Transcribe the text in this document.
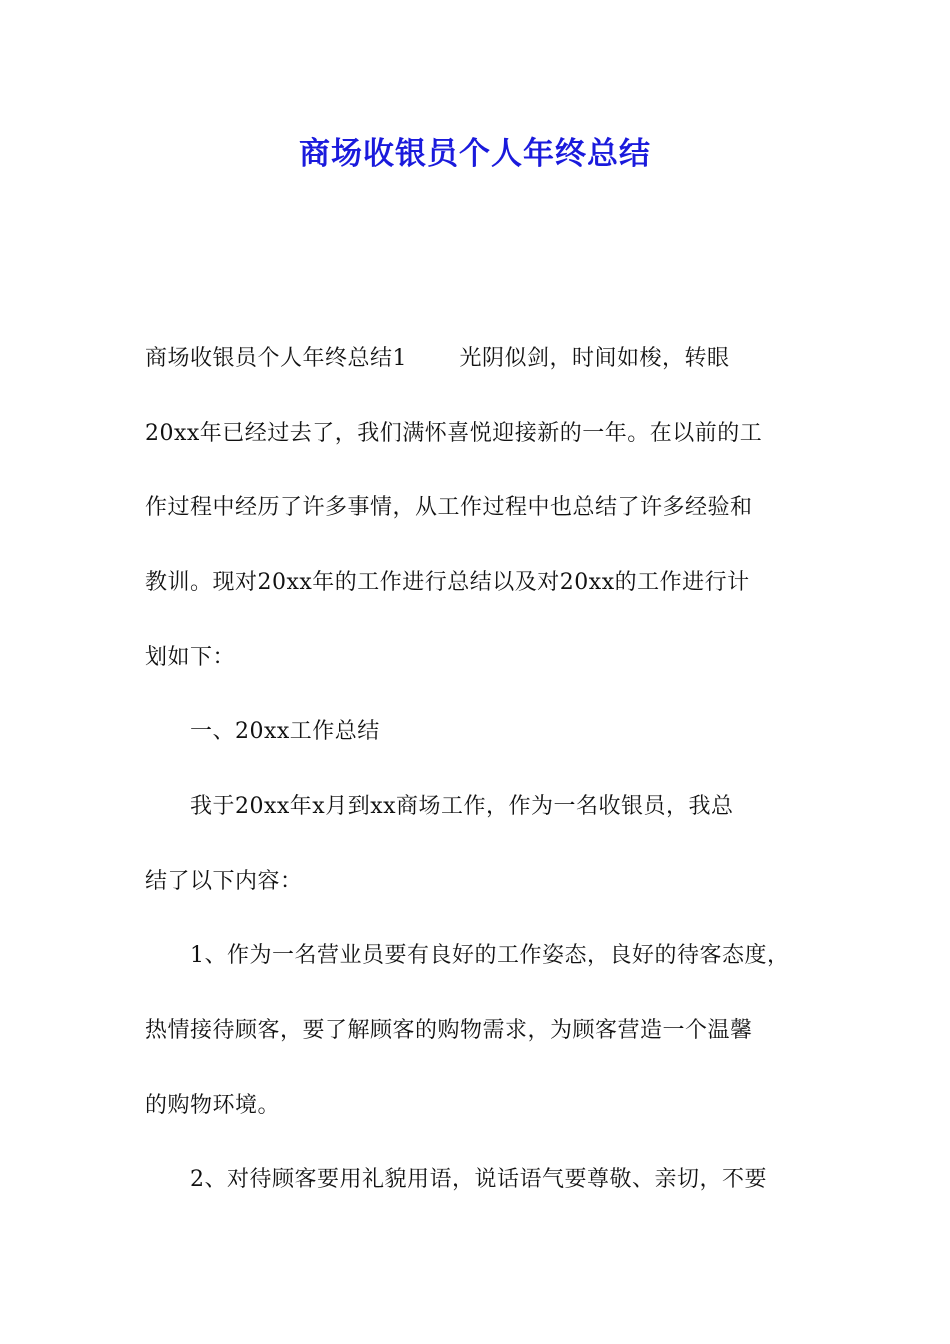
商场收银员个人年终总结
商场收银员个人年终总结1       光阴似剑，时间如梭，转眼
20xx年已经过去了，我们满怀喜悦迎接新的一年。在以前的工
作过程中经历了许多事情，从工作过程中也总结了许多经验和
教训。现对20xx年的工作进行总结以及对20xx的工作进行计
划如下：
一、20xx工作总结
我于20xx年x月到xx商场工作，作为一名收银员，我总
结了以下内容：
1、作为一名营业员要有良好的工作姿态，良好的待客态度，
热情接待顾客，要了解顾客的购物需求，为顾客营造一个温馨
的购物环境。
2、对待顾客要用礼貌用语，说话语气要尊敬、亲切，不要
